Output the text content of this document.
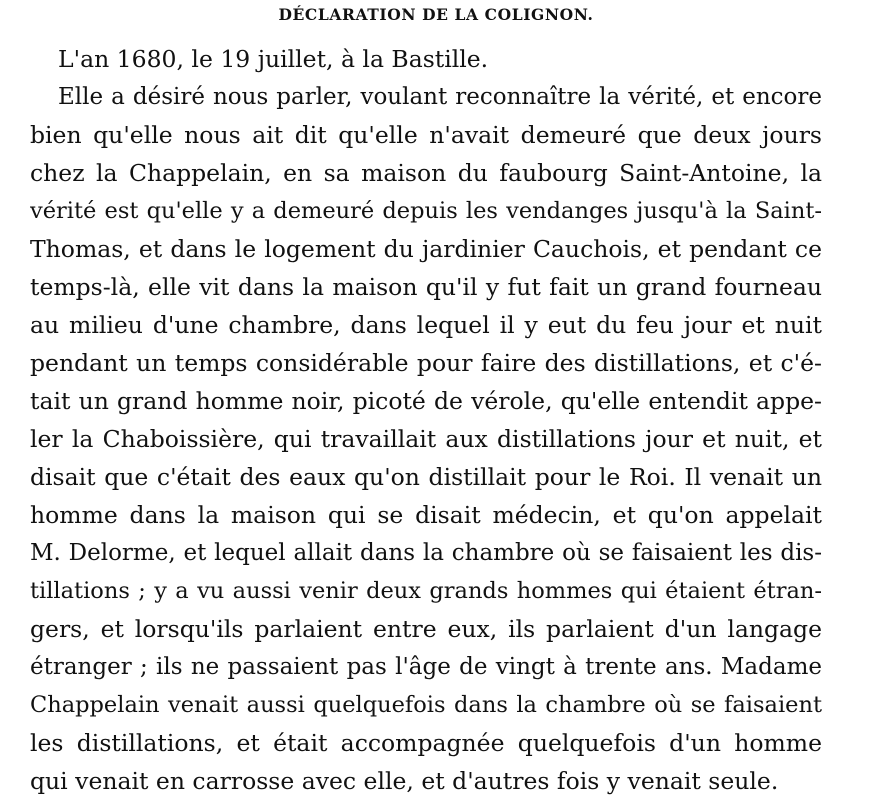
DÉCLARATION DE LA COLIGNON.
L'an 1680, le 19 juillet, à la Bastille.
Elle a désiré nous parler, voulant reconnaître la vérité, et encore
bien qu'elle nous ait dit qu'elle n'avait demeuré que deux jours
chez la Chappelain, en sa maison du faubourg Saint-Antoine, la
vérité est qu'elle y a demeuré depuis les vendanges jusqu'à la Saint-
Thomas, et dans le logement du jardinier Cauchois, et pendant ce
temps-là, elle vit dans la maison qu'il y fut fait un grand fourneau
au milieu d'une chambre, dans lequel il y eut du feu jour et nuit
pendant un temps considérable pour faire des distillations, et c'é-
tait un grand homme noir, picoté de vérole, qu'elle entendit appe-
ler la Chaboissière, qui travaillait aux distillations jour et nuit, et
disait que c'était des eaux qu'on distillait pour le Roi. Il venait un
homme dans la maison qui se disait médecin, et qu'on appelait
M. Delorme, et lequel allait dans la chambre où se faisaient les dis-
tillations ; y a vu aussi venir deux grands hommes qui étaient étran-
gers, et lorsqu'ils parlaient entre eux, ils parlaient d'un langage
étranger ; ils ne passaient pas l'âge de vingt à trente ans. Madame
Chappelain venait aussi quelquefois dans la chambre où se faisaient
les distillations, et était accompagnée quelquefois d'un homme
qui venait en carrosse avec elle, et d'autres fois y venait seule.
